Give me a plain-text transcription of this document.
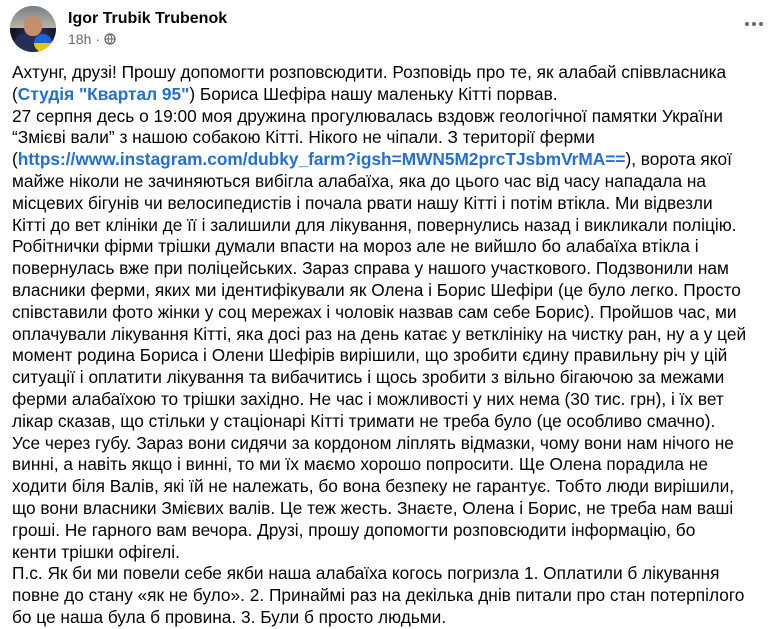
Igor Trubik Trubenok
18h ·
Ахтунг, друзі! Прошу допомогти розповсюдити. Розповідь про те, як алабай співвласника
(Студія "Квартал 95") Бориса Шефіра нашу маленьку Кітті порвав.
27 серпня десь о 19:00 моя дружина прогулювалась вздовж геологічної памятки України
“Змієві вали” з нашою собакою Кітті. Нікого не чіпали. З території ферми
(https://www.instagram.com/dubky_farm?igsh=MWN5M2prcTJsbmVrMA==), ворота якої
майже ніколи не зачиняються вибігла алабаїха, яка до цього час від часу нападала на
місцевих бігунів чи велосипедистів і почала рвати нашу Кітті і потім втікла. Ми відвезли
Кітті до вет клініки де її і залишили для лікування, повернулись назад і викликали поліцію.
Робітнички фірми трішки думали впасти на мороз але не вийшло бо алабаїха втікла і
повернулась вже при поліцейських. Зараз справа у нашого участкового. Подзвонили нам
власники ферми, яких ми ідентифікували як Олена і Борис Шефіри (це було легко. Просто
співставили фото жінки у соц мережах і чоловік назвав сам себе Борис). Пройшов час, ми
оплачували лікування Кітті, яка досі раз на день катає у ветклініку на чистку ран, ну а у цей
момент родина Бориса і Олени Шефірів вирішили, що зробити єдину правильну річ у цій
ситуації і оплатити лікування та вибачитись і щось зробити з вільно бігаючою за межами
ферми алабаїхою то трішки західно. Не час і можливості у них нема (30 тис. грн), і їх вет
лікар сказав, що стільки у стаціонарі Кітті тримати не треба було (це особливо смачно).
Усе через губу. Зараз вони сидячи за кордоном ліплять відмазки, чому вони нам нічого не
винні, а навіть якщо і винні, то ми їх маємо хорошо попросити. Ще Олена порадила не
ходити біля Валів, які їй не належать, бо вона безпеку не гарантує. Тобто люди вирішили,
що вони власники Змієвих валів. Це теж жесть. Знаєте, Олена і Борис, не треба нам ваші
гроші. Не гарного вам вечора. Друзі, прошу допомогти розповсюдити інформацію, бо
кенти трішки офігелі.
П.с. Як би ми повели себе якби наша алабаїха когось погризла 1. Оплатили б лікування
повне до стану «як не було». 2. Принаймі раз на декілька днів питали про стан потерпілого
бо це наша була б провина. 3. Були б просто людьми.
